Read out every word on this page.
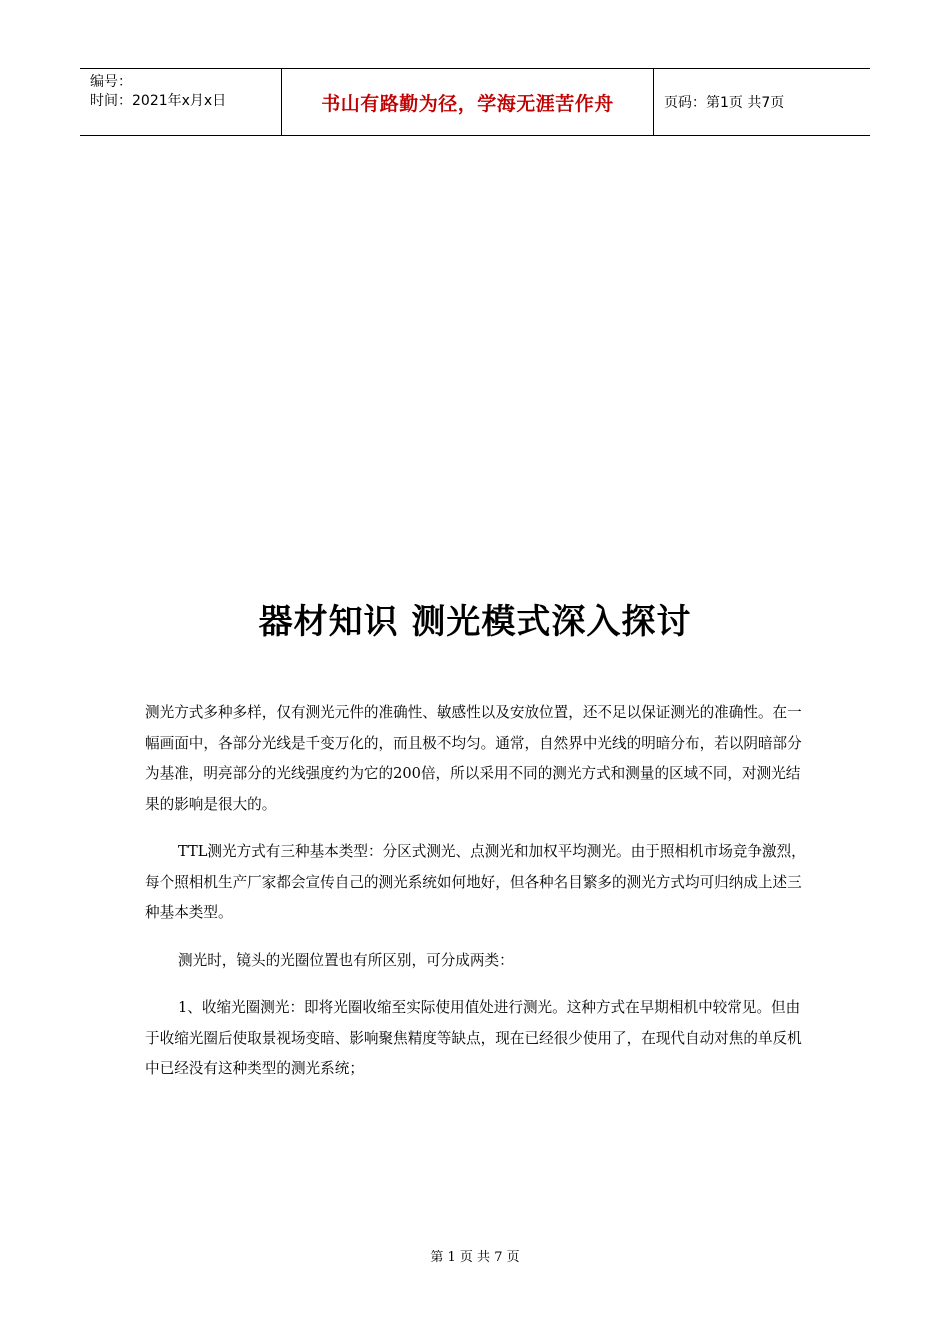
编号：
时间：2021年x月x日	书山有路勤为径，学海无涯苦作舟	页码：第1页 共7页
器材知识 测光模式深入探讨

测光方式多种多样，仅有测光元件的准确性、敏感性以及安放位置，还不足以保证测光的准确性。在一幅画面中，各部分光线是千变万化的，而且极不均匀。通常，自然界中光线的明暗分布，若以阴暗部分为基准，明亮部分的光线强度约为它的200倍，所以采用不同的测光方式和测量的区域不同，对测光结果的影响是很大的。

TTL测光方式有三种基本类型：分区式测光、点测光和加权平均测光。由于照相机市场竞争激烈，每个照相机生产厂家都会宣传自己的测光系统如何地好，但各种名目繁多的测光方式均可归纳成上述三种基本类型。

测光时，镜头的光圈位置也有所区别，可分成两类：

1、收缩光圈测光：即将光圈收缩至实际使用值处进行测光。这种方式在早期相机中较常见。但由于收缩光圈后使取景视场变暗、影响聚焦精度等缺点，现在已经很少使用了，在现代自动对焦的单反机中已经没有这种类型的测光系统；

第 1 页 共 7 页
